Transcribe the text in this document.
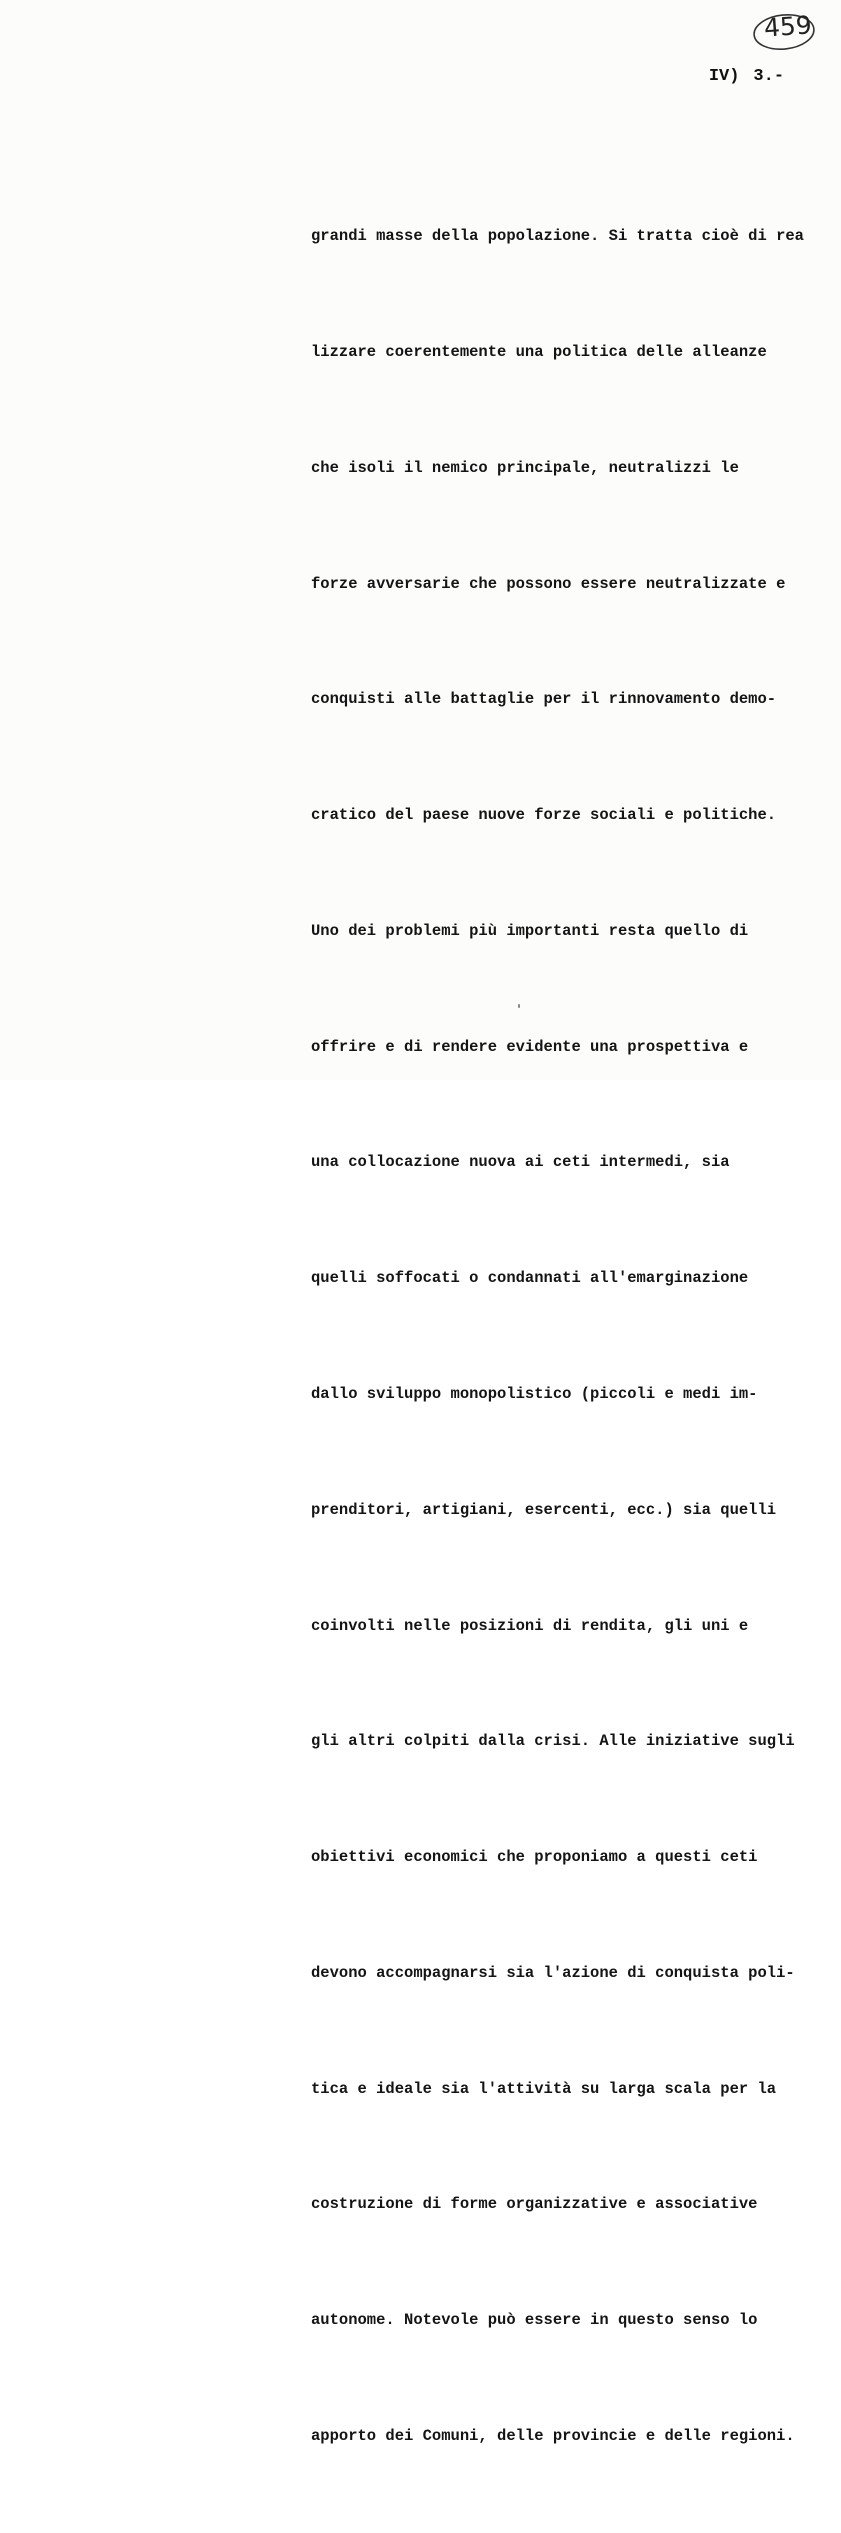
459

IV) 3.-

grandi masse della popolazione. Si tratta cioè di rea

lizzare coerentemente una politica delle alleanze

che isoli il nemico principale, neutralizzi le

forze avversarie che possono essere neutralizzate e

conquisti alle battaglie per il rinnovamento demo-

cratico del paese nuove forze sociali e politiche.

Uno dei problemi più importanti resta quello di

offrire e di rendere evidente una prospettiva e

una collocazione nuova ai ceti intermedi, sia

quelli soffocati o condannati all'emarginazione

dallo sviluppo monopolistico (piccoli e medi im-

prenditori, artigiani, esercenti, ecc.) sia quelli

coinvolti nelle posizioni di rendita, gli uni e

gli altri colpiti dalla crisi. Alle iniziative sugli

obiettivi economici che proponiamo a questi ceti

devono accompagnarsi sia l'azione di conquista poli-

tica e ideale sia l'attività su larga scala per la

costruzione di forme organizzative e associative

autonome. Notevole può essere in questo senso lo

apporto dei Comuni, delle provincie e delle regioni.
